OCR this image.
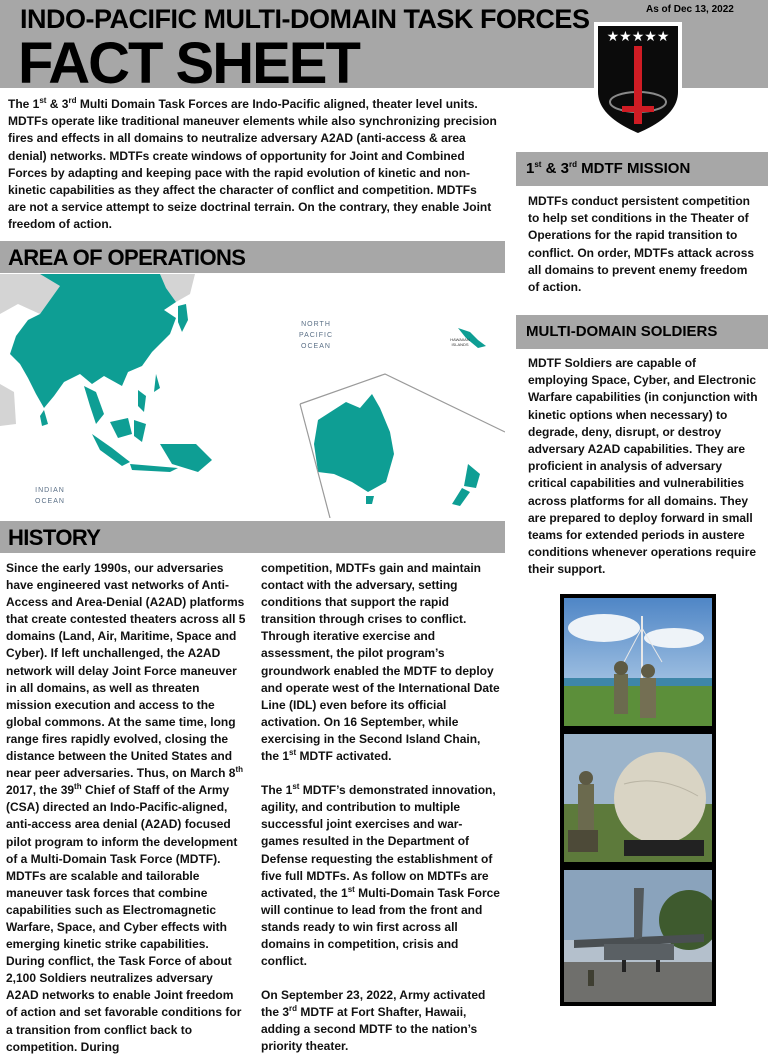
INDO-PACIFIC MULTI-DOMAIN TASK FORCES
FACT SHEET
As of Dec 13, 2022
★★★★★
The 1st & 3rd Multi Domain Task Forces are Indo-Pacific aligned, theater level units. MDTFs operate like traditional maneuver elements while also synchronizing precision fires and effects in all domains to neutralize adversary A2AD (anti-access & area denial) networks. MDTFs create windows of opportunity for Joint and Combined Forces by adapting and keeping pace with the rapid evolution of kinetic and non-kinetic capabilities as they affect the character of conflict and competition. MDTFs are not a service attempt to seize doctrinal terrain. On the contrary, they enable Joint freedom of action.
1st & 3rd MDTF MISSION
MDTFs conduct persistent competition to help set conditions in the Theater of Operations for the rapid transition to conflict. On order, MDTFs attack across all domains to prevent enemy freedom of action.
MULTI-DOMAIN SOLDIERS
MDTF Soldiers are capable of employing Space, Cyber, and Electronic Warfare capabilities (in conjunction with kinetic options when necessary) to degrade, deny, disrupt, or destroy adversary A2AD capabilities. They are proficient in analysis of adversary critical capabilities and vulnerabilities across platforms for all domains. They are prepared to deploy forward in small teams for extended periods in austere conditions whenever operations require their support.
AREA OF OPERATIONS
NORTH
PACIFIC
OCEAN
HAWAIIAN
ISLANDS
INDIAN
OCEAN
HISTORY

Since the early 1990s, our adversaries have engineered vast networks of Anti-Access and Area-Denial (A2AD) platforms that create contested theaters across all 5 domains (Land, Air, Maritime, Space and Cyber). If left unchallenged, the A2AD network will delay Joint Force maneuver in all domains, as well as threaten mission execution and access to the global commons. At the same time, long range fires rapidly evolved, closing the distance between the United States and near peer adversaries. Thus, on March 8th 2017, the 39th Chief of Staff of the Army (CSA) directed an Indo-Pacific-aligned, anti-access area denial (A2AD) focused pilot program to inform the development of a Multi-Domain Task Force (MDTF). MDTFs are scalable and tailorable maneuver task forces that combine capabilities such as Electromagnetic Warfare, Space, and Cyber effects with emerging kinetic strike capabilities. During conflict, the Task Force of about 2,100 Soldiers neutralizes adversary A2AD networks to enable Joint freedom of action and set favorable conditions for a transition from conflict back to competition. During

competition, MDTFs gain and maintain contact with the adversary, setting conditions that support the rapid transition through crises to conflict. Through iterative exercise and assessment, the pilot program’s groundwork enabled the MDTF to deploy and operate west of the International Date Line (IDL) even before its official activation. On 16 September, while exercising in the Second Island Chain, the 1st MDTF activated.

The 1st MDTF’s demonstrated innovation, agility, and contribution to multiple successful joint exercises and war-games resulted in the Department of Defense requesting the establishment of five full MDTFs. As follow on MDTFs are activated, the 1st Multi-Domain Task Force will continue to lead from the front and stands ready to win first across all domains in competition, crisis and conflict.

On September 23, 2022, Army activated the 3rd MDTF at Fort Shafter, Hawaii, adding a second MDTF to the nation’s priority theater.
